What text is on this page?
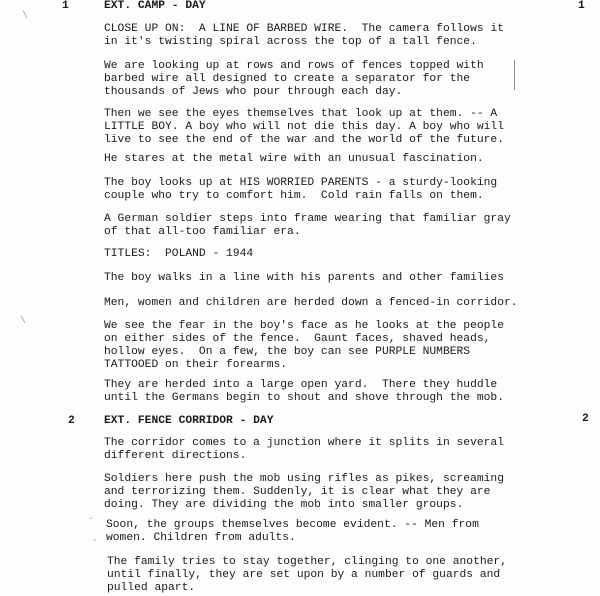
\
\
-
-
1	EXT. CAMP - DAY	1
CLOSE UP ON:  A LINE OF BARBED WIRE.  The camera follows it
in it's twisting spiral across the top of a tall fence.
We are looking up at rows and rows of fences topped with
barbed wire all designed to create a separator for the
thousands of Jews who pour through each day.
Then we see the eyes themselves that look up at them. -- A
LITTLE BOY. A boy who will not die this day. A boy who will
live to see the end of the war and the world of the future.
He stares at the metal wire with an unusual fascination.
The boy looks up at HIS WORRIED PARENTS - a sturdy-looking
couple who try to comfort him.  Cold rain falls on them.
A German soldier steps into frame wearing that familiar gray
of that all-too familiar era.
TITLES:  POLAND - 1944
The boy walks in a line with his parents and other families
Men, women and children are herded down a fenced-in corridor.
We see the fear in the boy's face as he looks at the people
on either sides of the fence.  Gaunt faces, shaved heads,
hollow eyes.  On a few, the boy can see PURPLE NUMBERS
TATTOOED on their forearms.
They are herded into a large open yard.  There they huddle
until the Germans begin to shout and shove through the mob.
2	EXT. FENCE CORRIDOR - DAY	2
The corridor comes to a junction where it splits in several
different directions.
Soldiers here push the mob using rifles as pikes, screaming
and terrorizing them. Suddenly, it is clear what they are
doing. They are dividing the mob into smaller groups.
Soon, the groups themselves become evident. -- Men from
women. Children from adults.
The family tries to stay together, clinging to one another,
until finally, they are set upon by a number of guards and
pulled apart.
